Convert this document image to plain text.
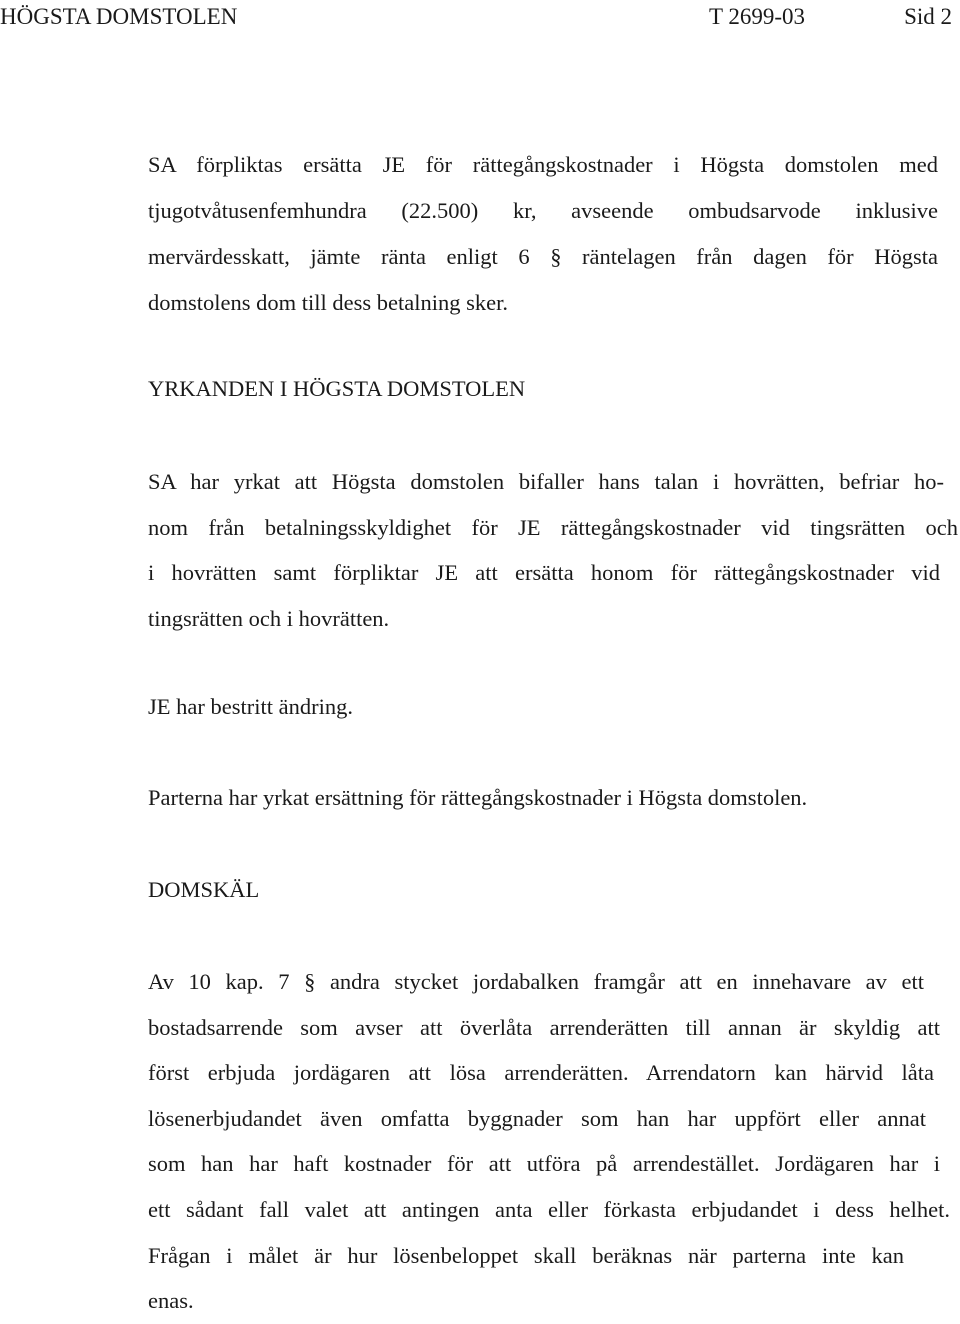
HÖGSTA DOMSTOLEN	T 2699-03	Sid 2
SA förpliktas ersätta JE för rättegångskostnader i Högsta domstolen med
tjugotvåtusenfemhundra (22.500) kr, avseende ombudsarvode inklusive
mervärdesskatt, jämte ränta enligt 6 § räntelagen från dagen för Högsta
domstolens dom till dess betalning sker.
YRKANDEN I HÖGSTA DOMSTOLEN
SA har yrkat att Högsta domstolen bifaller hans talan i hovrätten, befriar ho-
nom från betalningsskyldighet för JE rättegångskostnader vid tingsrätten och
i hovrätten samt förpliktar JE att ersätta honom för rättegångskostnader vid
tingsrätten och i hovrätten.
JE har bestritt ändring.
Parterna har yrkat ersättning för rättegångskostnader i Högsta domstolen.
DOMSKÄL
Av 10 kap. 7 § andra stycket jordabalken framgår att en innehavare av ett
bostadsarrende som avser att överlåta arrenderätten till annan är skyldig att
först erbjuda jordägaren att lösa arrenderätten. Arrendatorn kan härvid låta
lösenerbjudandet även omfatta byggnader som han har uppfört eller annat
som han har haft kostnader för att utföra på arrendestället. Jordägaren har i
ett sådant fall valet att antingen anta eller förkasta erbjudandet i dess helhet.
Frågan i målet är hur lösenbeloppet skall beräknas när parterna inte kan
enas.
